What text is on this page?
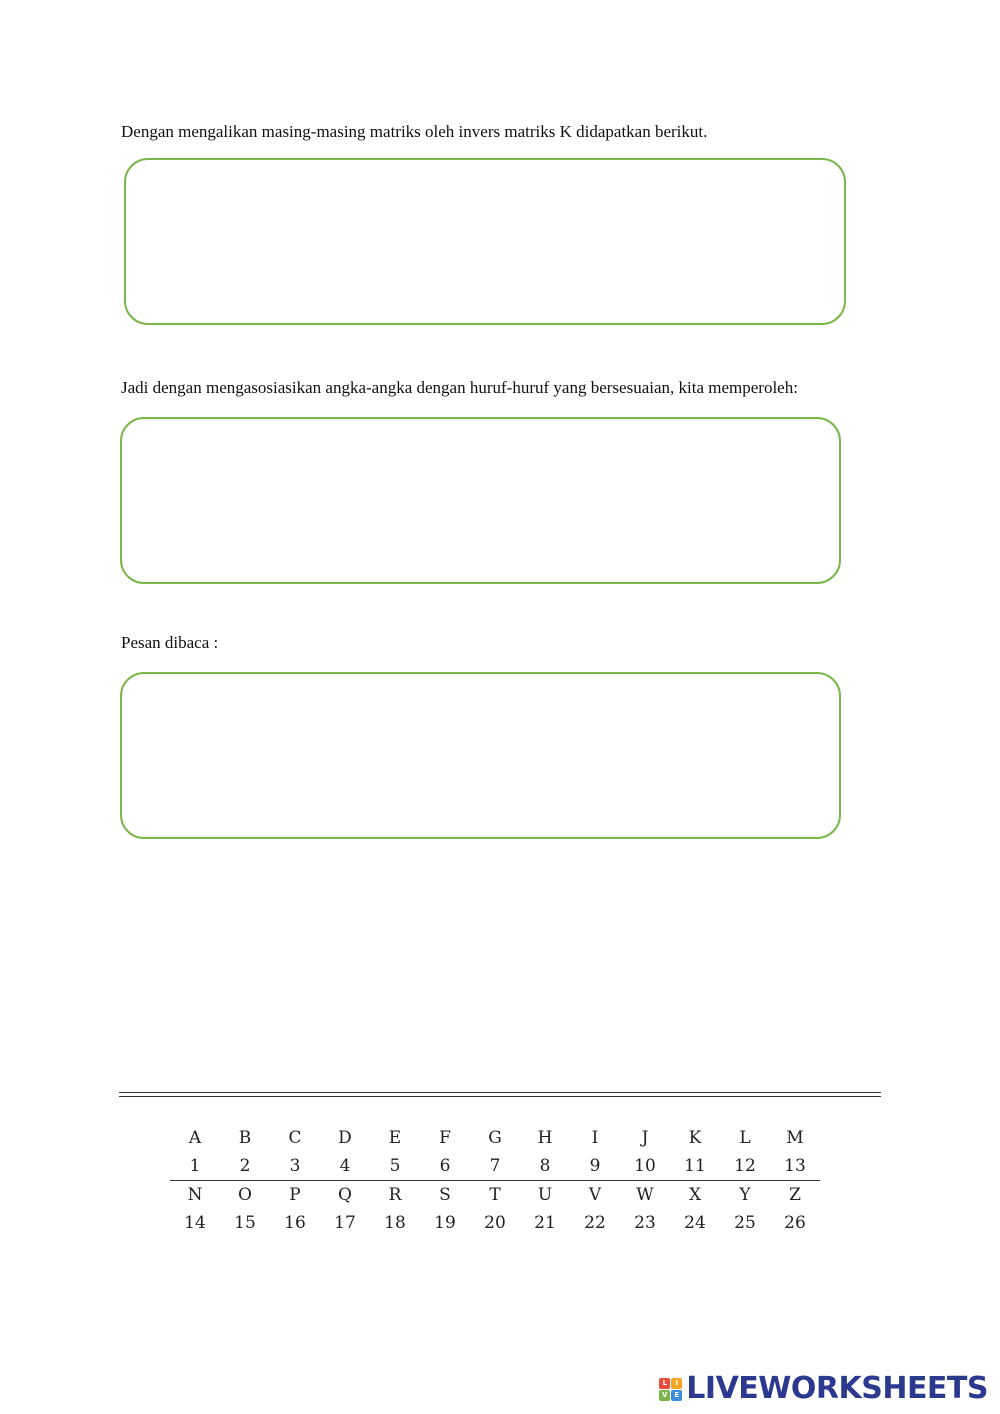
Dengan mengalikan masing-masing matriks oleh invers matriks K didapatkan berikut.

Jadi dengan mengasosiasikan angka-angka dengan huruf-huruf yang bersesuaian, kita memperoleh:

Pesan dibaca :

A	B	C	D	E	F	G	H	I	J	K	L	M
1	2	3	4	5	6	7	8	9	10	11	12	13
N	O	P	Q	R	S	T	U	V	W	X	Y	Z
14	15	16	17	18	19	20	21	22	23	24	25	26
L	I
V E LIVEWORKSHEETS
